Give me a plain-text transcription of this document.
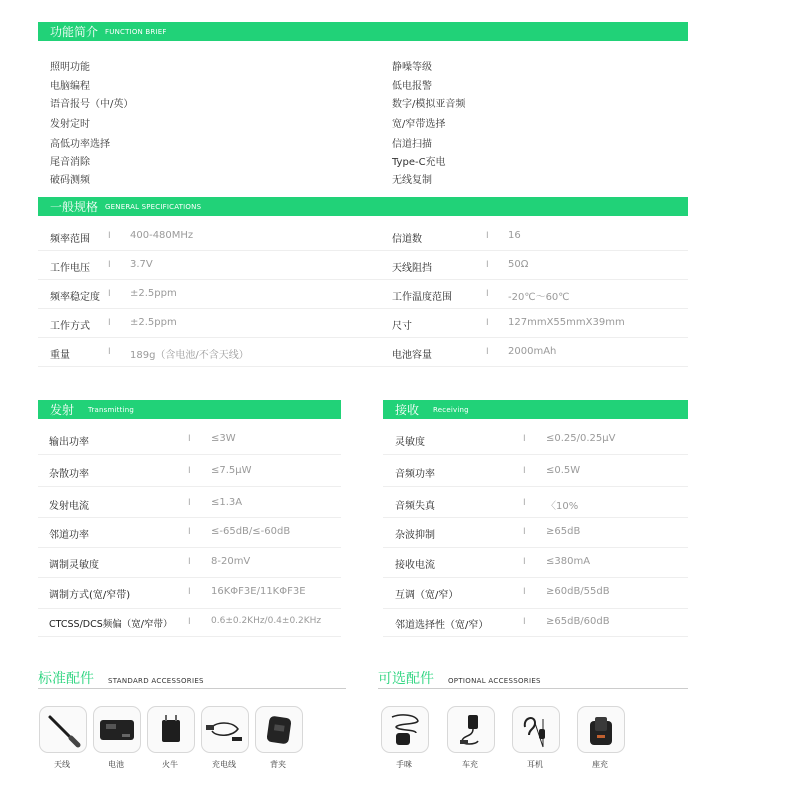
功能简介 FUNCTION BRIEF
照明功能
电脑编程
语音报号（中/英）
发射定时
高低功率选择
尾音消除
破码测频
静噪等级
低电报警
数字/模拟亚音频
宽/窄带选择
信道扫描
Type-C充电
无线复制
一般规格 GENERAL SPECIFICATIONS
频率范围 I 400-480MHz	信道数	I 16
工作电压 I 3.7V	天线阻挡	I 50Ω
频率稳定度 I ±2.5ppm	工作温度范围	I -20℃～60℃
工作方式 I ±2.5ppm	尺寸	I 127mmX55mmX39mm
重量	I 189g（含电池/不含天线）	电池容量	I 2000mAh
发射 Transmitting
输出功率	I ≤3W
杂散功率	I ≤7.5μW
发射电流	I ≤1.3A
邻道功率	I ≤-65dB/≤-60dB
调制灵敏度	I 8-20mV
调制方式(宽/窄带)	I 16KΦF3E/11KΦF3E
CTCSS/DCS频偏（宽/窄带） I 0.6±0.2KHz/0.4±0.2KHz
接收 Receiving
灵敏度	I ≤0.25/0.25μV
音频功率	I ≤0.5W
音频失真	I 〈10%
杂波抑制	I ≥65dB
接收电流	I ≤380mA
互调（宽/窄）	I ≥60dB/55dB
邻道选择性（宽/窄）	I ≥65dB/60dB
标准配件 STANDARD ACCESSORIES
天线	电池	火牛	充电线	背夹
可选配件 OPTIONAL ACCESSORIES
手咪	车充	耳机	座充
